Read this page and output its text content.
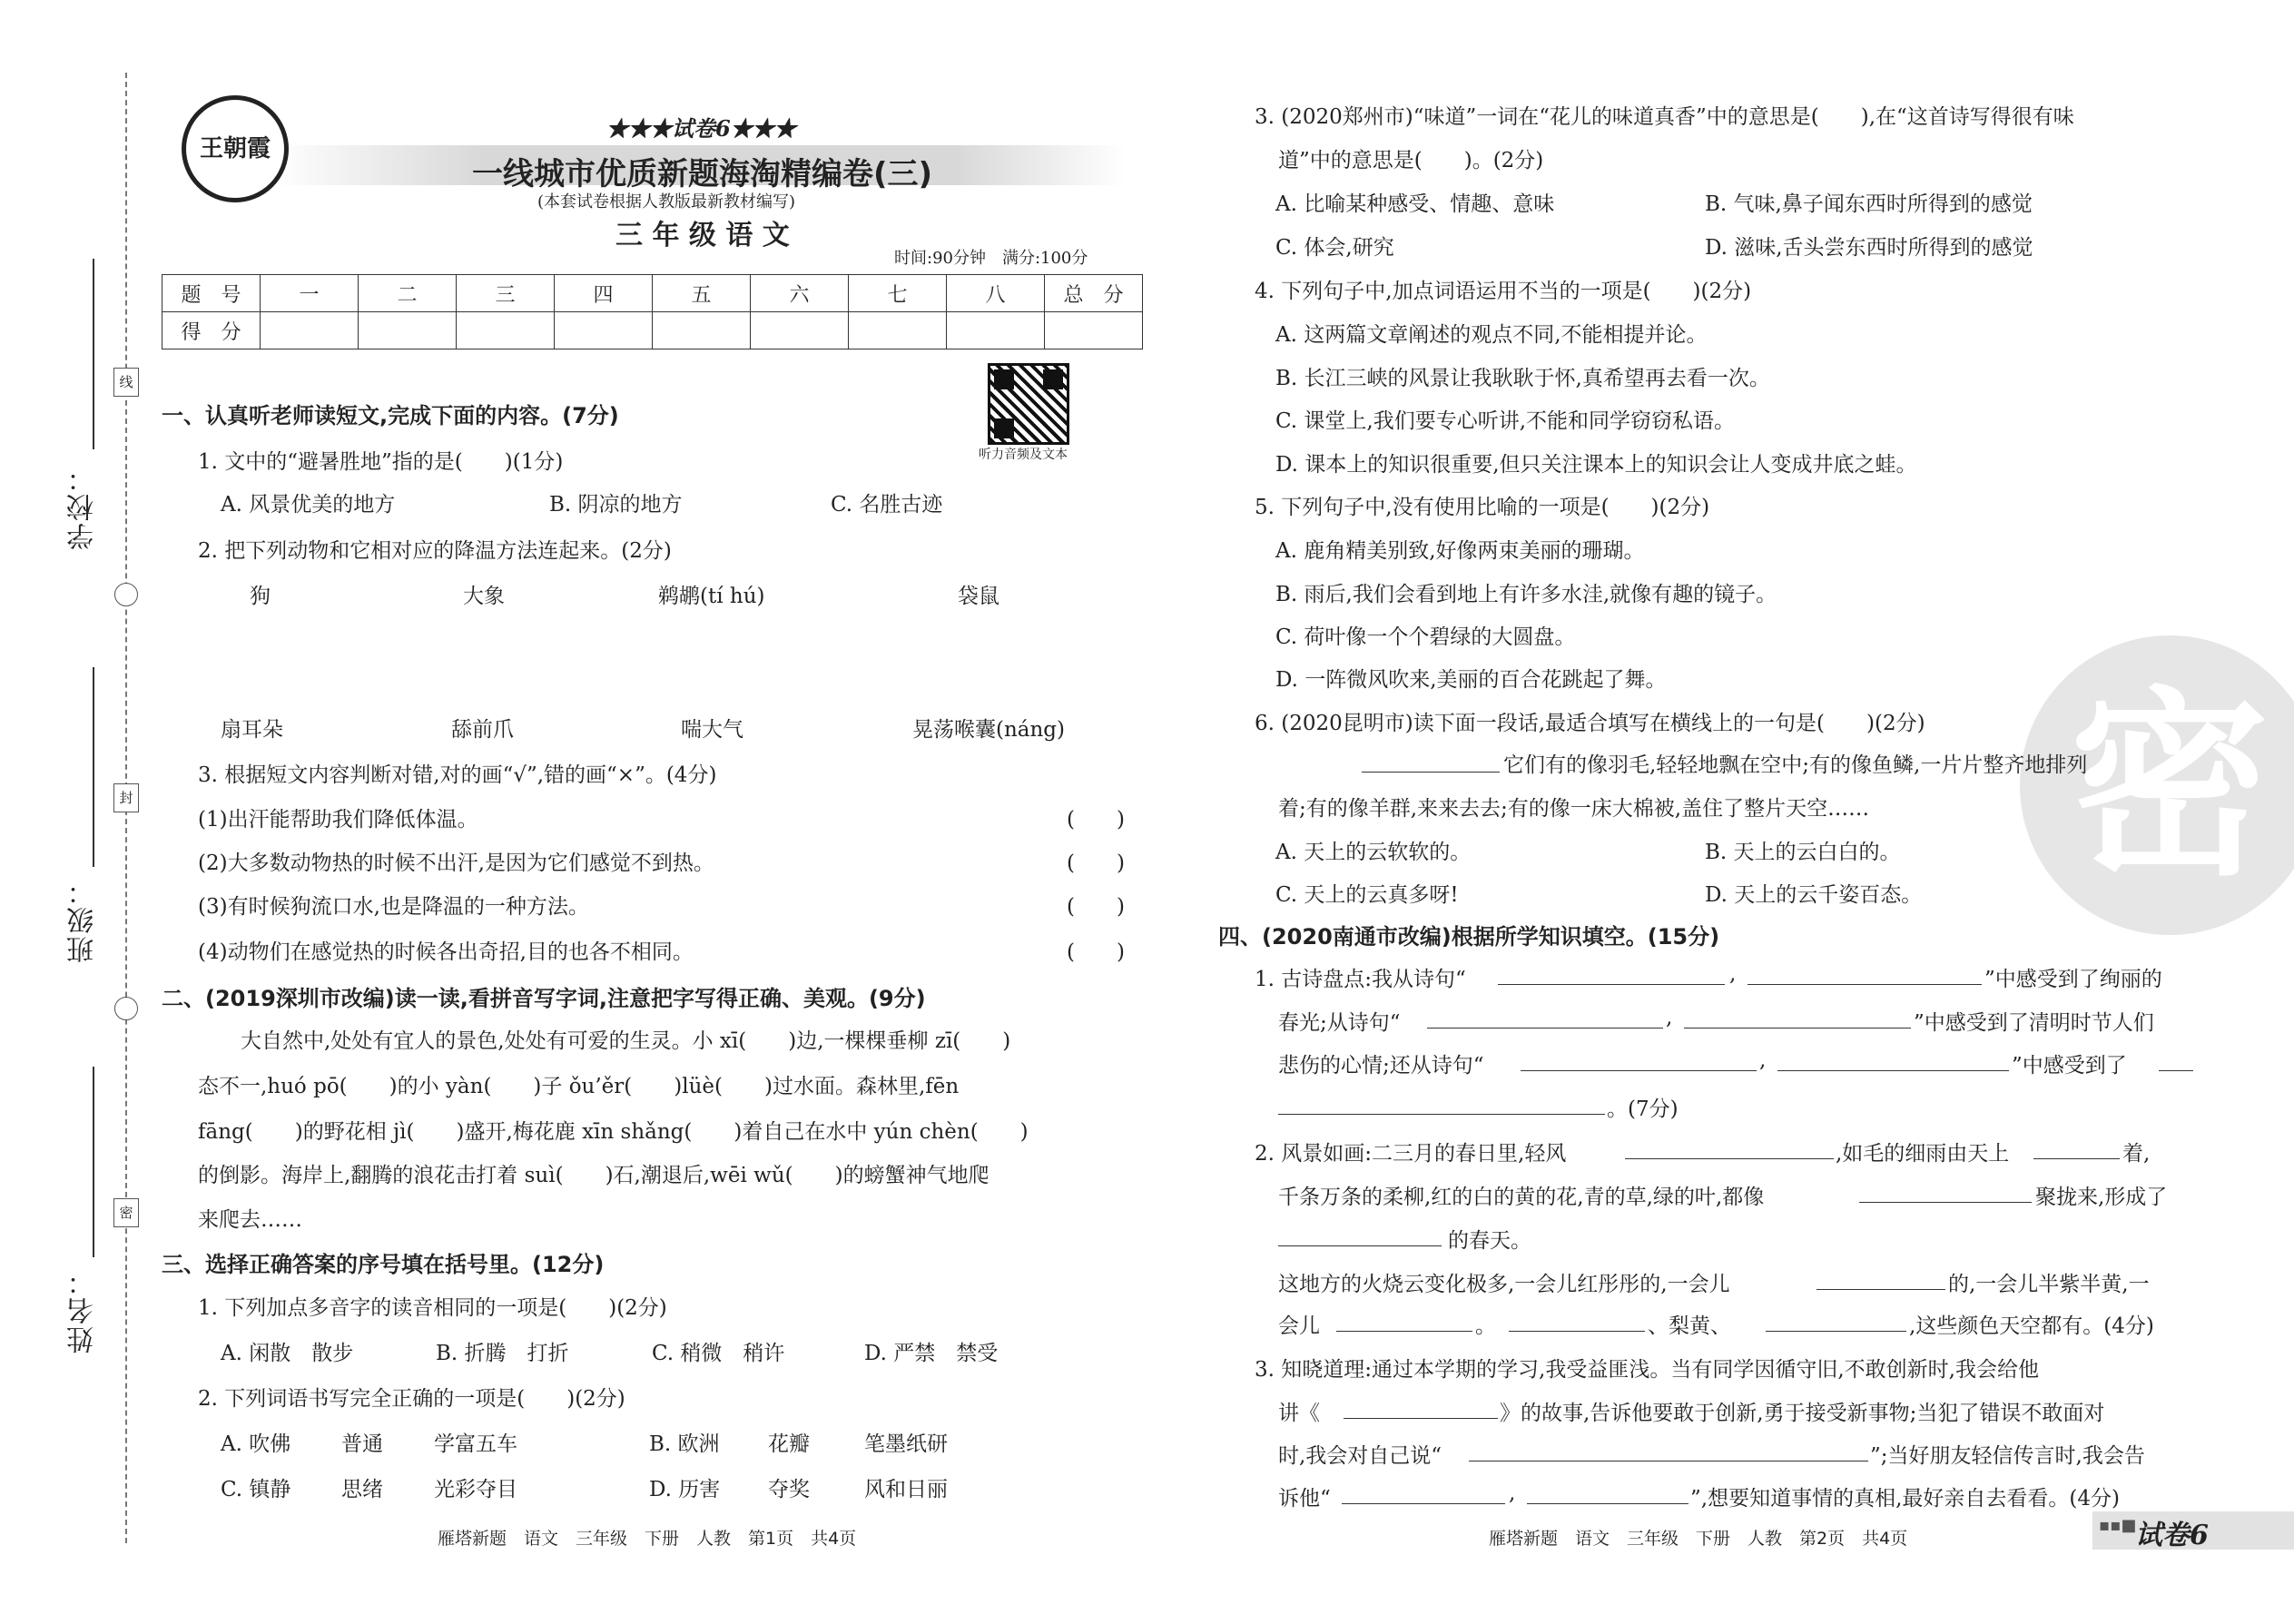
学校：
班级：
姓名：
线
封
密
王朝霞
★★★试卷6★★★
一线城市优质新题海淘精编卷(三)
(本套试卷根据人教版最新教材编写)
三 年 级 语 文
时间:90分钟　满分:100分
题　号	一	二	三	四	五	六	七	八	总　分
得　分									
听力音频及文本
一、认真听老师读短文,完成下面的内容。(7分)
1. 文中的“避暑胜地”指的是(　　)(1分)
A. 风景优美的地方	B. 阴凉的地方	C. 名胜古迹
2. 把下列动物和它相对应的降温方法连起来。(2分)
狗	大象	鹈鹕(tí hú)	袋鼠
扇耳朵	舔前爪	喘大气	晃荡喉囊(náng)
3. 根据短文内容判断对错,对的画“√”,错的画“×”。(4分)
(1)出汗能帮助我们降低体温。	(　　)
(2)大多数动物热的时候不出汗,是因为它们感觉不到热。	(　　)
(3)有时候狗流口水,也是降温的一种方法。	(　　)
(4)动物们在感觉热的时候各出奇招,目的也各不相同。	(　　)
二、(2019深圳市改编)读一读,看拼音写字词,注意把字写得正确、美观。(9分)
大自然中,处处有宜人的景色,处处有可爱的生灵。小 xī(　　)边,一棵棵垂柳 zī(　　)
态不一,huó pō(　　)的小 yàn(　　)子 ǒu’ěr(　　)lüè(　　)过水面。森林里,fēn
fāng(　　)的野花相 jì(　　)盛开,梅花鹿 xīn shǎng(　　)着自己在水中 yún chèn(　　)
的倒影。海岸上,翻腾的浪花击打着 suì(　　)石,潮退后,wēi wǔ(　　)的螃蟹神气地爬
来爬去……
三、选择正确答案的序号填在括号里。(12分)
1. 下列加点多音字的读音相同的一项是(　　)(2分)
A. 闲散　散步	B. 折腾　打折	C. 稍微　稍许	D. 严禁　禁受
2. 下列词语书写完全正确的一项是(　　)(2分)
A. 吹佛 普通 学富五车	B. 欧洲 花瓣	笔墨纸研
C. 镇静 思绪 光彩夺目	D. 历害 夺奖	风和日丽
雁塔新题　语文　三年级　下册　人教　第1页　共4页
密
3. (2020郑州市)“味道”一词在“花儿的味道真香”中的意思是(　　),在“这首诗写得很有味
道”中的意思是(　　)。(2分)
A. 比喻某种感受、情趣、意味	B. 气味,鼻子闻东西时所得到的感觉
C. 体会,研究	D. 滋味,舌头尝东西时所得到的感觉
4. 下列句子中,加点词语运用不当的一项是(　　)(2分)
A. 这两篇文章阐述的观点不同,不能相提并论。
B. 长江三峡的风景让我耿耿于怀,真希望再去看一次。
C. 课堂上,我们要专心听讲,不能和同学窃窃私语。
D. 课本上的知识很重要,但只关注课本上的知识会让人变成井底之蛙。
5. 下列句子中,没有使用比喻的一项是(　　)(2分)
A. 鹿角精美别致,好像两束美丽的珊瑚。
B. 雨后,我们会看到地上有许多水洼,就像有趣的镜子。
C. 荷叶像一个个碧绿的大圆盘。
D. 一阵微风吹来,美丽的百合花跳起了舞。
6. (2020昆明市)读下面一段话,最适合填写在横线上的一句是(　　)(2分)
它们有的像羽毛,轻轻地飘在空中;有的像鱼鳞,一片片整齐地排列
着;有的像羊群,来来去去;有的像一床大棉被,盖住了整片天空……
A. 天上的云软软的。	B. 天上的云白白的。
C. 天上的云真多呀!	D. 天上的云千姿百态。
四、(2020南通市改编)根据所学知识填空。(15分)
1. 古诗盘点:我从诗句“	,	”中感受到了绚丽的
春光;从诗句“	,	”中感受到了清明时节人们
悲伤的心情;还从诗句“	,	”中感受到了
。(7分)
2. 风景如画:二三月的春日里,轻风	,如毛的细雨由天上	着,
千条万条的柔柳,红的白的黄的花,青的草,绿的叶,都像	聚拢来,形成了
的春天。
这地方的火烧云变化极多,一会儿红彤彤的,一会儿	的,一会儿半紫半黄,一
会儿	。	、梨黄、	,这些颜色天空都有。(4分)
3. 知晓道理:通过本学期的学习,我受益匪浅。当有同学因循守旧,不敢创新时,我会给他
讲《	》的故事,告诉他要敢于创新,勇于接受新事物;当犯了错误不敢面对
时,我会对自己说“	”;当好朋友轻信传言时,我会告
诉他“	,	”,想要知道事情的真相,最好亲自去看看。(4分)
雁塔新题　语文　三年级　下册　人教　第2页　共4页
▪▪■
试卷6
